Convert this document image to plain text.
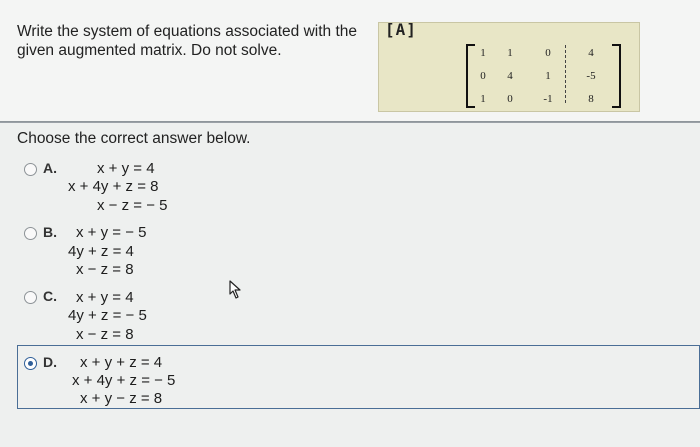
Write the system of equations associated with the given augmented matrix. Do not solve.
[A]
1	1	0	4
0	4	1	-5
1	0	-1	8
Choose the correct answer below.
A.	x + y = 4
x + 4y + z = 8
x − z = − 5
B. x + y = − 5
4y + z = 4
x − z = 8
C. x + y = 4
4y + z = − 5
x − z = 8
D. x + y + z = 4
x + 4y + z = − 5
x + y − z = 8
